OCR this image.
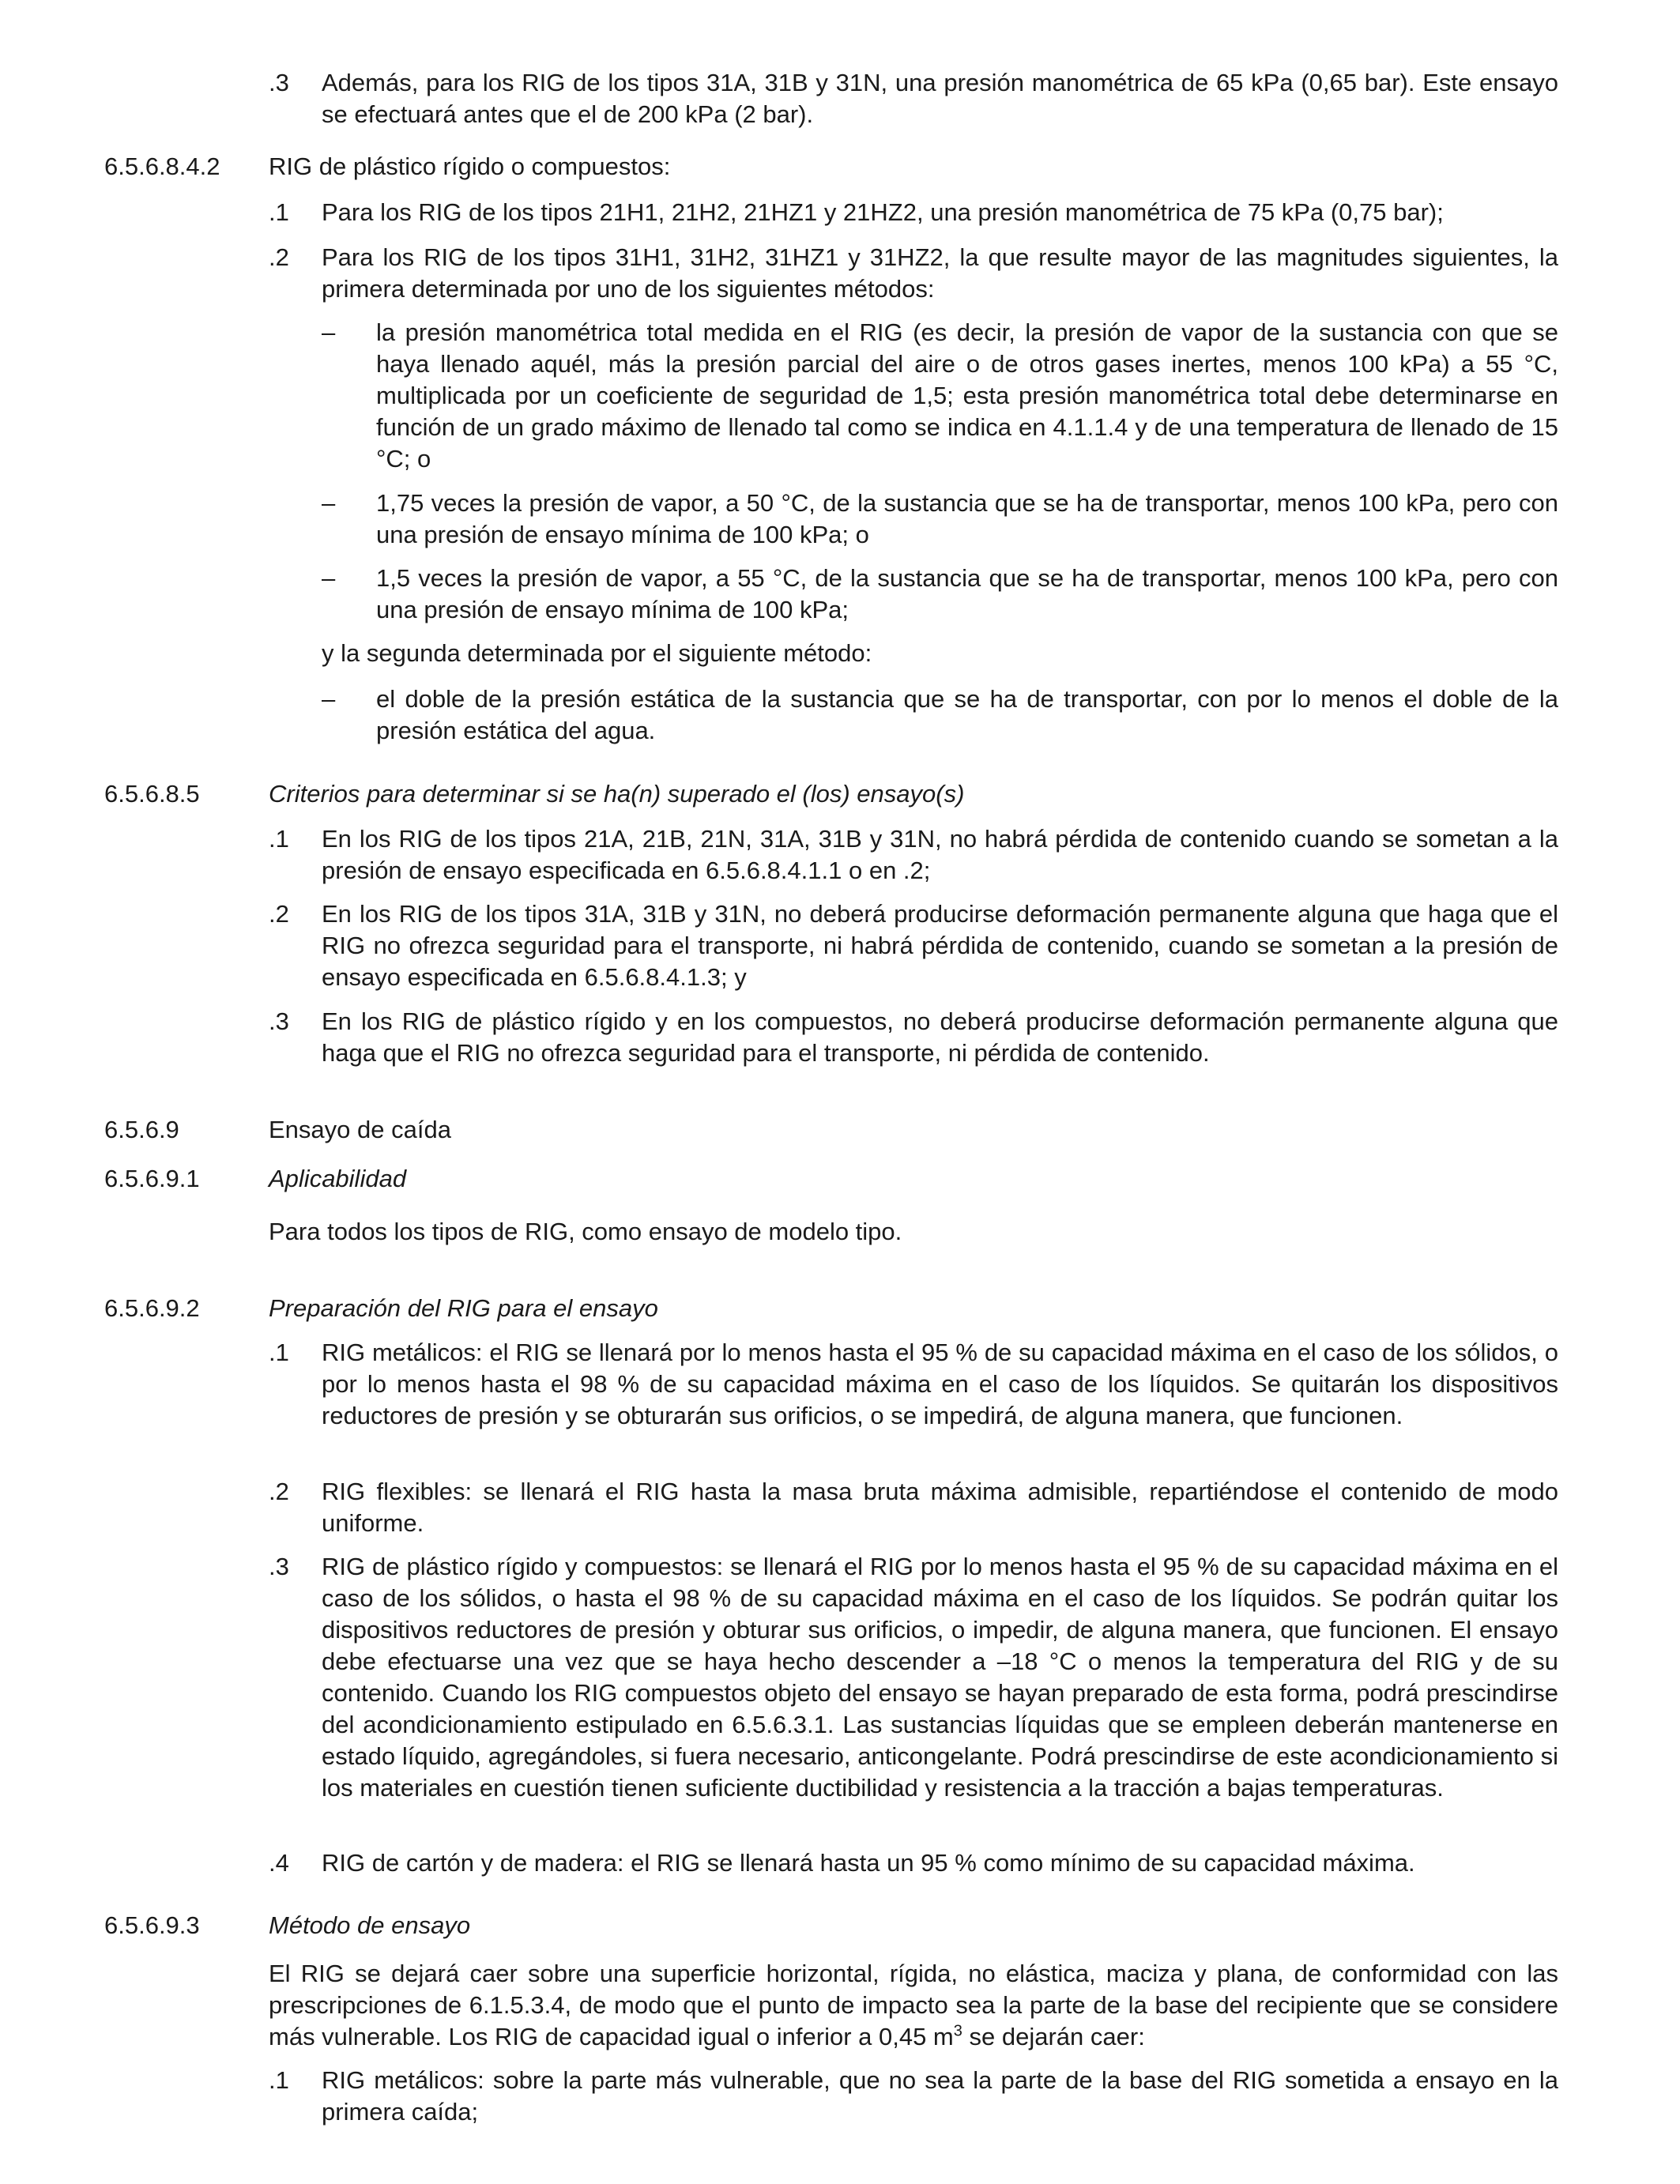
.3 Además, para los RIG de los tipos 31A, 31B y 31N, una presión manométrica de 65 kPa (0,65 bar). Este ensayo se efectuará antes que el de 200 kPa (2 bar).

6.5.6.8.4.2 RIG de plástico rígido o compuestos:
.1 Para los RIG de los tipos 21H1, 21H2, 21HZ1 y 21HZ2, una presión manométrica de 75 kPa (0,75 bar);

.2 Para los RIG de los tipos 31H1, 31H2, 31HZ1 y 31HZ2, la que resulte mayor de las magnitudes siguientes, la primera determinada por uno de los siguientes métodos:

– la presión manométrica total medida en el RIG (es decir, la presión de vapor de la sustancia con que se haya llenado aquél, más la presión parcial del aire o de otros gases inertes, menos 100 kPa) a 55 °C, multiplicada por un coeficiente de seguridad de 1,5; esta presión manométrica total debe determinarse en función de un grado máximo de llenado tal como se indica en 4.1.1.4 y de una temperatura de llenado de 15 °C; o

– 1,75 veces la presión de vapor, a 50 °C, de la sustancia que se ha de transportar, menos 100 kPa, pero con una presión de ensayo mínima de 100 kPa; o

– 1,5 veces la presión de vapor, a 55 °C, de la sustancia que se ha de transportar, menos 100 kPa, pero con una presión de ensayo mínima de 100 kPa;

y la segunda determinada por el siguiente método:

– el doble de la presión estática de la sustancia que se ha de transportar, con por lo menos el doble de la presión estática del agua.

6.5.6.8.5	Criterios para determinar si se ha(n) superado el (los) ensayo(s)
.1 En los RIG de los tipos 21A, 21B, 21N, 31A, 31B y 31N, no habrá pérdida de contenido cuando se sometan a la presión de ensayo especificada en 6.5.6.8.4.1.1 o en .2;

.2 En los RIG de los tipos 31A, 31B y 31N, no deberá producirse deformación permanente alguna que haga que el RIG no ofrezca seguridad para el transporte, ni habrá pérdida de contenido, cuando se sometan a la presión de ensayo especificada en 6.5.6.8.4.1.3; y

.3 En los RIG de plástico rígido y en los compuestos, no deberá producirse deformación permanente alguna que haga que el RIG no ofrezca seguridad para el transporte, ni pérdida de contenido.

6.5.6.9	Ensayo de caída
6.5.6.9.1	Aplicabilidad

Para todos los tipos de RIG, como ensayo de modelo tipo.

6.5.6.9.2	Preparación del RIG para el ensayo
.1 RIG metálicos: el RIG se llenará por lo menos hasta el 95 % de su capacidad máxima en el caso de los sólidos, o por lo menos hasta el 98 % de su capacidad máxima en el caso de los líquidos. Se quitarán los dispositivos reductores de presión y se obturarán sus orificios, o se impedirá, de alguna manera, que funcionen.

.2 RIG flexibles: se llenará el RIG hasta la masa bruta máxima admisible, repartiéndose el contenido de modo uniforme.

.3 RIG de plástico rígido y compuestos: se llenará el RIG por lo menos hasta el 95 % de su capacidad máxima en el caso de los sólidos, o hasta el 98 % de su capacidad máxima en el caso de los líquidos. Se podrán quitar los dispositivos reductores de presión y obturar sus orificios, o impedir, de alguna manera, que funcionen. El ensayo debe efectuarse una vez que se haya hecho descender a –18 °C o menos la temperatura del RIG y de su contenido. Cuando los RIG compuestos objeto del ensayo se hayan preparado de esta forma, podrá prescindirse del acondicionamiento estipulado en 6.5.6.3.1. Las sustancias líquidas que se empleen deberán mantenerse en estado líquido, agregándoles, si fuera necesario, anticongelante. Podrá prescindirse de este acondicionamiento si los materiales en cuestión tienen suficiente ductibilidad y resistencia a la tracción a bajas temperaturas.

.4 RIG de cartón y de madera: el RIG se llenará hasta un 95 % como mínimo de su capacidad máxima.

6.5.6.9.3	Método de ensayo

El RIG se dejará caer sobre una superficie horizontal, rígida, no elástica, maciza y plana, de conformidad con las prescripciones de 6.1.5.3.4, de modo que el punto de impacto sea la parte de la base del recipiente que se considere más vulnerable. Los RIG de capacidad igual o inferior a 0,45 $m^3$ se dejarán caer:

.1 RIG metálicos: sobre la parte más vulnerable, que no sea la parte de la base del RIG sometida a ensayo en la primera caída;
